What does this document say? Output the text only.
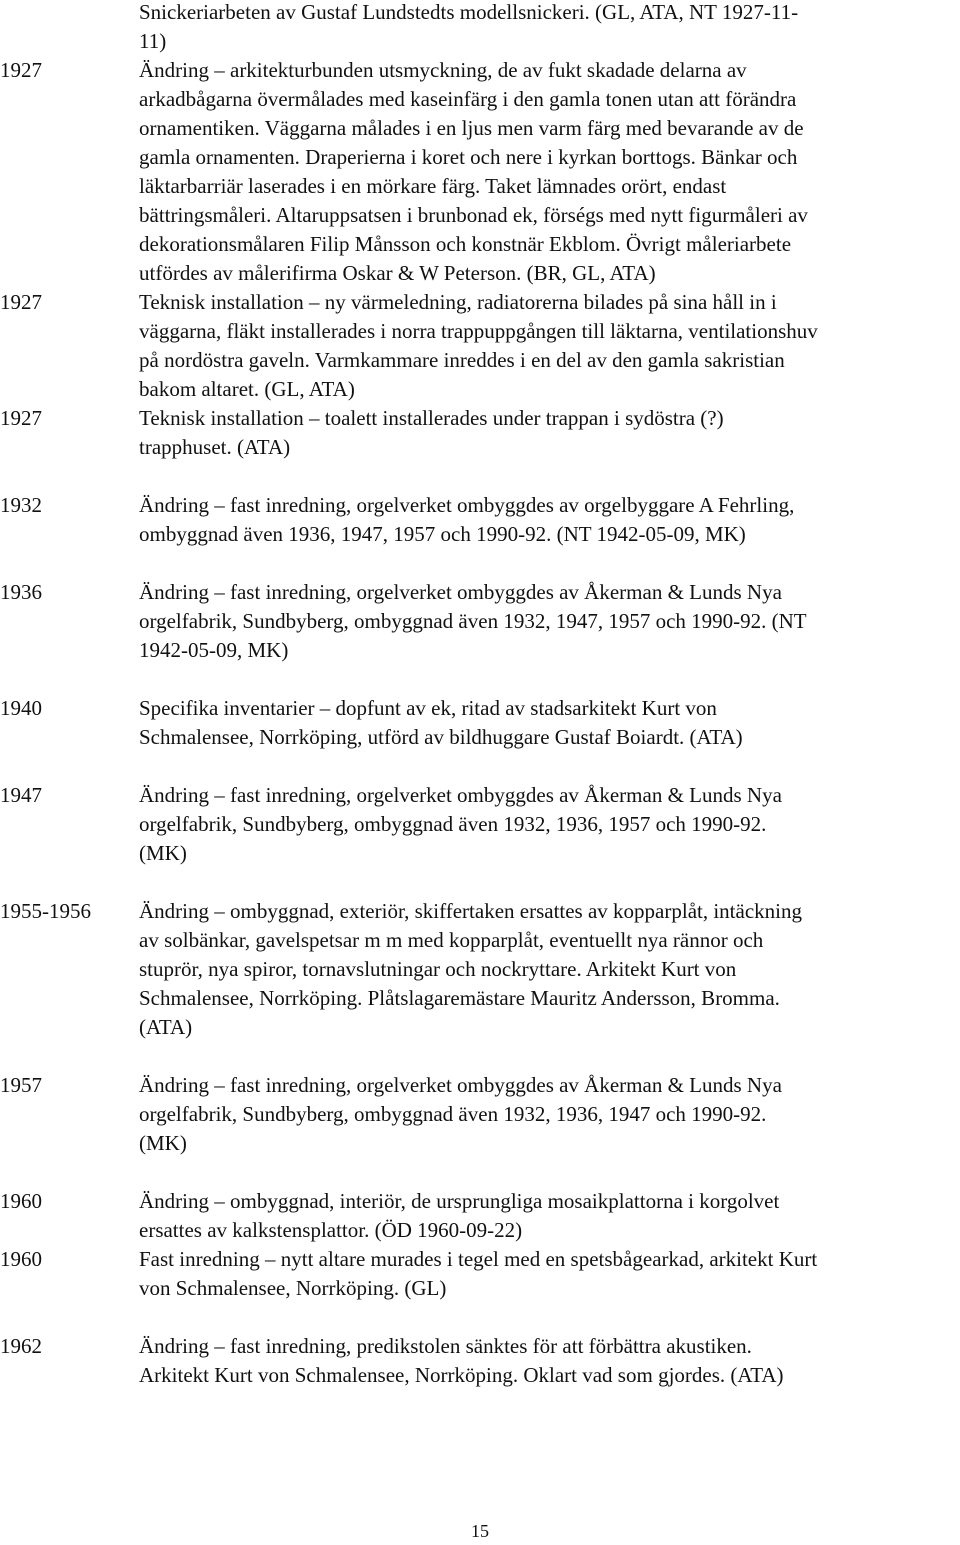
Snickeriarbeten av Gustaf Lundstedts modellsnickeri. (GL, ATA, NT 1927-11-
11)
1927	Ändring – arkitekturbunden utsmyckning, de av fukt skadade delarna av
arkadbågarna övermålades med kaseinfärg i den gamla tonen utan att förändra
ornamentiken. Väggarna målades i en ljus men varm färg med bevarande av de
gamla ornamenten. Draperierna i koret och nere i kyrkan borttogs. Bänkar och
läktarbarriär laserades i en mörkare färg. Taket lämnades orört, endast
bättringsmåleri. Altaruppsatsen i brunbonad ek, förségs med nytt figurmåleri av
dekorationsmålaren Filip Månsson och konstnär Ekblom. Övrigt måleriarbete
utfördes av målerifirma Oskar & W Peterson. (BR, GL, ATA)
1927	Teknisk installation – ny värmeledning, radiatorerna bilades på sina håll in i
väggarna, fläkt installerades i norra trappuppgången till läktarna, ventilationshuv
på nordöstra gaveln. Varmkammare inreddes i en del av den gamla sakristian
bakom altaret. (GL, ATA)
1927	Teknisk installation – toalett installerades under trappan i sydöstra (?)
trapphuset. (ATA)
1932	Ändring – fast inredning, orgelverket ombyggdes av orgelbyggare A Fehrling,
ombyggnad även 1936, 1947, 1957 och 1990-92. (NT 1942-05-09, MK)
1936	Ändring – fast inredning, orgelverket ombyggdes av Åkerman & Lunds Nya
orgelfabrik, Sundbyberg, ombyggnad även 1932, 1947, 1957 och 1990-92. (NT
1942-05-09, MK)
1940	Specifika inventarier – dopfunt av ek, ritad av stadsarkitekt Kurt von
Schmalensee, Norrköping, utförd av bildhuggare Gustaf Boiardt. (ATA)
1947	Ändring – fast inredning, orgelverket ombyggdes av Åkerman & Lunds Nya
orgelfabrik, Sundbyberg, ombyggnad även 1932, 1936, 1957 och 1990-92.
(MK)
1955-1956	Ändring – ombyggnad, exteriör, skiffertaken ersattes av kopparplåt, intäckning
av solbänkar, gavelspetsar m m med kopparplåt, eventuellt nya rännor och
stuprör, nya spiror, tornavslutningar och nockryttare. Arkitekt Kurt von
Schmalensee, Norrköping. Plåtslagaremästare Mauritz Andersson, Bromma.
(ATA)
1957	Ändring – fast inredning, orgelverket ombyggdes av Åkerman & Lunds Nya
orgelfabrik, Sundbyberg, ombyggnad även 1932, 1936, 1947 och 1990-92.
(MK)
1960	Ändring – ombyggnad, interiör, de ursprungliga mosaikplattorna i korgolvet
ersattes av kalkstensplattor. (ÖD 1960-09-22)
1960	Fast inredning – nytt altare murades i tegel med en spetsbågearkad, arkitekt Kurt
von Schmalensee, Norrköping. (GL)
1962	Ändring – fast inredning, predikstolen sänktes för att förbättra akustiken.
Arkitekt Kurt von Schmalensee, Norrköping. Oklart vad som gjordes. (ATA)
15
